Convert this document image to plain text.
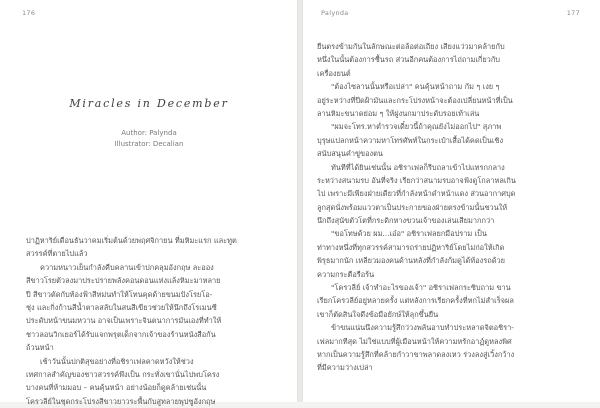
176
Miracles in December
Author: Palynda
Illustrator: Decalian
ปาฏิหาริย์เดือนธันวาคมเริ่มต้นด้วยพฤศจิกายน ที่มหิมะแรก และทูต
สวรรค์ที่ตายไปแล้ว
ความหนาวเย็นกำลังคืบคลานเข้าปกคลุมอังกฤษ ละออง
สีขาวโรยตัวลงมาประปรายพลังคอนดอนแห่งแล้งหิมะมาหลาย
ปี สีขาวตัดกับท้องฟ้าสีหม่นทำให้โทนคุดด้ายขนมปังโรยโอ-
ชุ่ง และกิ่งก้านสีน้ำตาลสลับในสนสีเขียวช่วยให้นึกถึงโรเมนซี
ประดับหน้าขนมหวาน อาจเป็นเพราะจินตนาการมันเองที่ทำให้
ชาวลอนวิกเยอร์ได้รับแจกพรุตเด็กจากเจ้าของร้านหนังสือกัน
ถ้วนหน้า
เช้าวันนั้นปกติสุขอย่างที่อชิราเฟลคาดหวังให้ช่วง
เทศกาลสำคัญของชาวสวรรค์พึงเป็น กระทั่งเขานั่นไปพบโครง
บางคนที่ห้ามมอบ – คนคุ้นหน้า อย่างน้อยก็ดูคล้ายเช่นนั้น
โครวลีย์ในชุดกระโปรงสีขาวยาวระพื้นกับสูทลายพุปซูอังกฤษ
Palynda	177
ยืนตรงข้ามกันในลักษณะต่อล้อต่อเถียง เสียงแว่วมาคล้ายกับ
หนึ่งในนั้นต้องการชื้นรถ ส่วนอีกคนต้องการไถ่ถามเกี่ยวกับ
เครื่องยนต์
"ต้องไซลานนั้นหรือเปล่า" คนคุ้นหน้าถาม กัม ๆ เงย ๆ
อยู่ระหว่างที่ปีดฝ้ามันและกระโปรงหน้าจะต้องเปลี่ยนหน้าที่เป็น
ลานหิมะขนาดย่อม ๆ ให้ฝูงนกมาประดับรอยเท้าเล่น
"ผมจะโทร.หาต่ำรวจเดี๋ยวนี้ถ้าคุณยังไม่ออกไป" สุภาพ
บุรุษแปลกหน้าความหาโทรศัพท์ในกระเป๋าเสื้อได้คดเป็นเชิง
สนับสนุนคำขู่ของตน
ทันทีที่ได้ยินเช่นนั้น อชิราเฟลก็รีบถลาเข้าไปแทรกกลาง
ระหว่างสนามรบ อันที่จริง เรียกว่าสนามรบอาจฟังดูโกลาหลเกิน
ไป เพราะมีเพียงฝ่ายเดียวที่กำลังหน้าดำหน้าแดง ส่วนอากาศบุด
ลูกสุดนั่งพร้อมแววตาเป็นประกายของฝ่ายตรงข้ามนั้นชวนให้
นึกถึงสุนัขตัวโตที่กระดิกหางขวนเจ้าของเล่นเสียมากกว่า
"ขอโทษด้วย ผม...เอ๋อ" อชิราเฟลยกมือปราม เป็น
ท่าทางหนึ่งที่ทุกสวรรค์สามารถร่ายปฏิหาริย์โดยไม่ก่อให้เกิด
พิรุธมากนัก เหลียวมองคนด้านหลังที่กำลังก้มดูได้ท้องรถด้วย
ความกระตือรือร้น
"โครวลีย์ เจ้าทำอะไรของเจ้า" อชิราเฟลกระซิบถาม ขาน
เรียกโครวลีย์อยู่หลายครั้ง แต่หลังการเรียกครั้งที่หกไม่สำเร็จผล
เขาก็ตัดสินใจดึงข้อมือยักษ์ให้ลุกขึ้นยืน
ข้าขนแน่นนึงความรู้สึกว่วงพลันอาบทำประหลาดจิตอชิรา-
เฟลมากทีสุด ไม่ใช่แบบที่ผู้เมือนหน้าให้ความหรักอาฏ์ดูหลงพิศ
หากเป็นความรู้สึกที่คล้ายกำวาขาพลาดลงเหว ร่วงลงสู่เวิ้งกว้าง
ที่มีความว่างเปล่า
